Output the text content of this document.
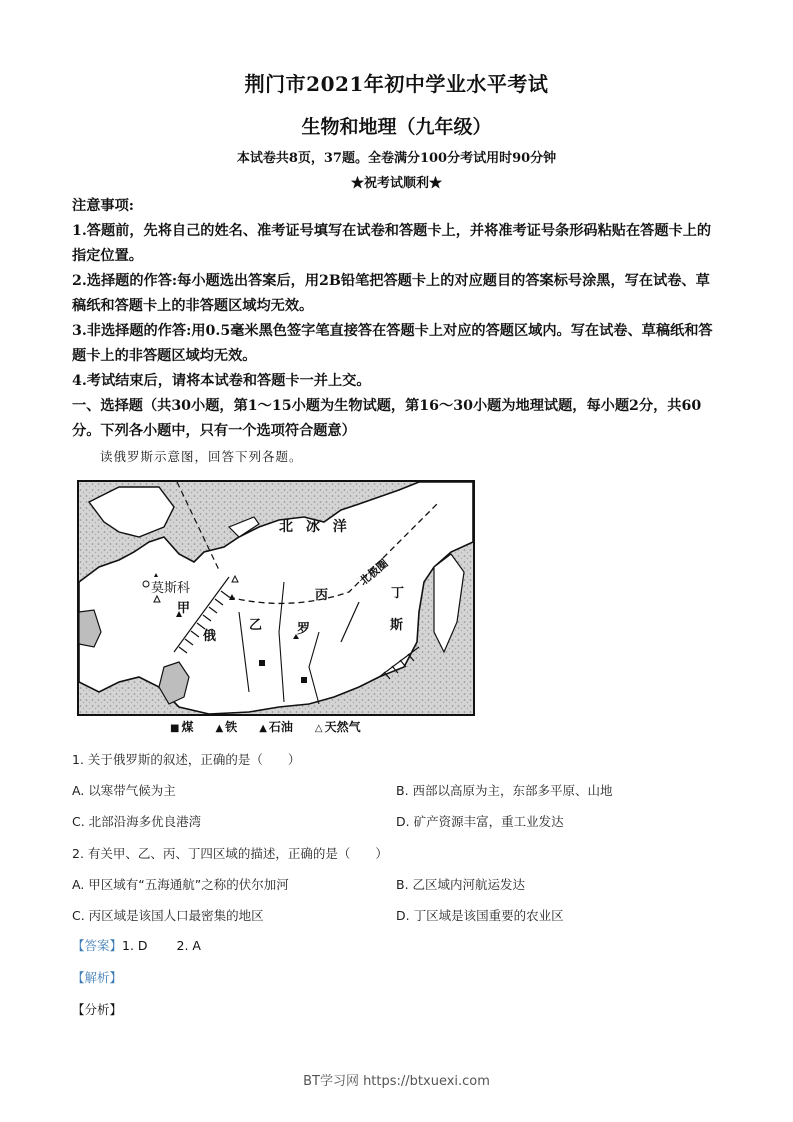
荆门市2021年初中学业水平考试
生物和地理（九年级）
本试卷共8页，37题。全卷满分100分考试用时90分钟
★祝考试顺利★

注意事项:

1.答题前，先将自己的姓名、准考证号填写在试卷和答题卡上，并将准考证号条形码粘贴在答题卡上的指定位置。

2.选择题的作答:每小题选出答案后，用2B铅笔把答题卡上的对应题目的答案标号涂黑，写在试卷、草稿纸和答题卡上的非答题区域均无效。

3.非选择题的作答:用0.5毫米黑色签字笔直接答在答题卡上对应的答题区域内。写在试卷、草稿纸和答题卡上的非答题区域均无效。

4.考试结束后，请将本试卷和答题卡一并上交。

一、选择题（共30小题，第1～15小题为生物试题，第16～30小题为地理试题，每小题2分，共60分。下列各小题中，只有一个选项符合题意）

读俄罗斯示意图，回答下列各题。
北 冰 洋
莫斯科
甲
乙
丙	丁
俄	罗	斯
北极圈
■ 煤 ▲ 铁 ▲ 石油 △ 天然气
1. 关于俄罗斯的叙述，正确的是（　　）
A. 以寒带气候为主	B. 西部以高原为主，东部多平原、山地
C. 北部沿海多优良港湾	D. 矿产资源丰富，重工业发达
2. 有关甲、乙、丙、丁四区域的描述，正确的是（　　）
A. 甲区域有“五海通航”之称的伏尔加河	B. 乙区域内河航运发达
C. 丙区域是该国人口最密集的地区	D. 丁区域是该国重要的农业区
【答案】1. D　　 2. A
【解析】
【分析】
BT学习网 https://btxuexi.com
